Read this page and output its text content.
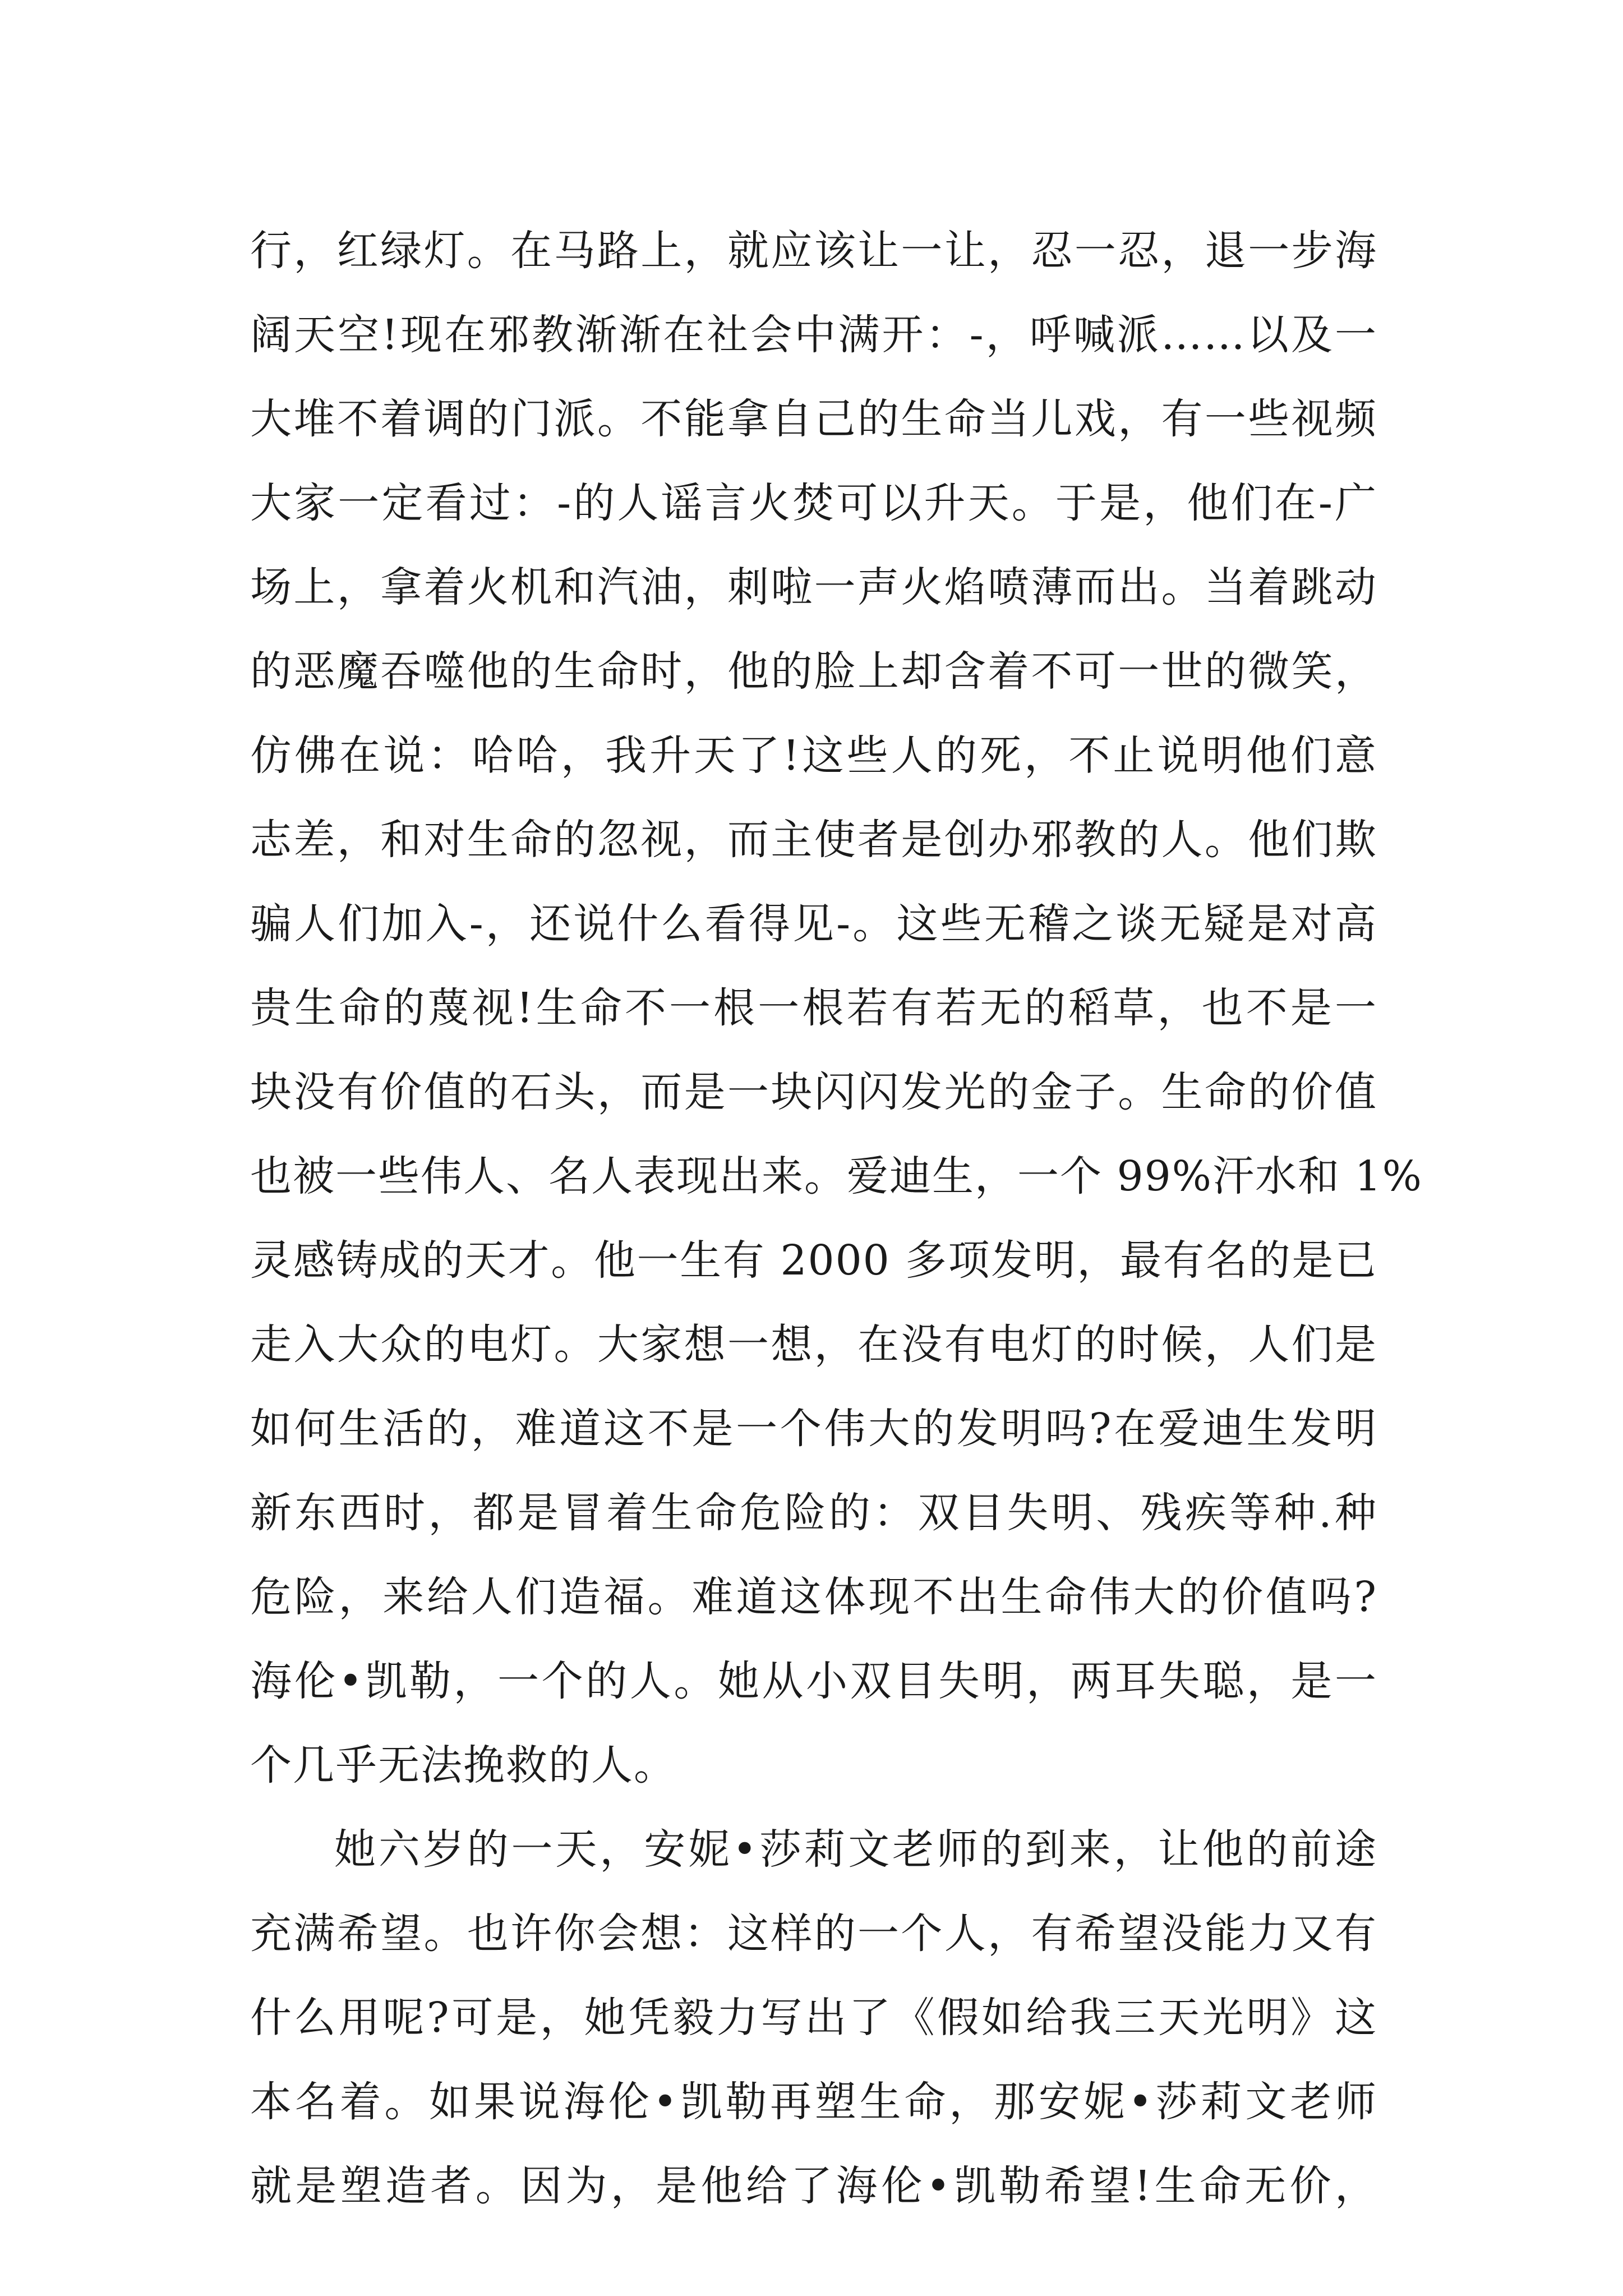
行，红绿灯。在马路上，就应该让一让，忍一忍，退一步海
阔天空!现在邪教渐渐在社会中满开：-，呼喊派……以及一
大堆不着调的门派。不能拿自己的生命当儿戏，有一些视频
大家一定看过：-的人谣言火焚可以升天。于是，他们在-广
场上，拿着火机和汽油，刺啦一声火焰喷薄而出。当着跳动
的恶魔吞噬他的生命时，他的脸上却含着不可一世的微笑，
仿佛在说：哈哈，我升天了!这些人的死，不止说明他们意
志差，和对生命的忽视，而主使者是创办邪教的人。他们欺
骗人们加入-，还说什么看得见-。这些无稽之谈无疑是对高
贵生命的蔑视!生命不一根一根若有若无的稻草，也不是一
块没有价值的石头，而是一块闪闪发光的金子。生命的价值
也被一些伟人、名人表现出来。爱迪生，一个 99%汗水和 1%
灵感铸成的天才。他一生有 2000 多项发明，最有名的是已
走入大众的电灯。大家想一想，在没有电灯的时候，人们是
如何生活的，难道这不是一个伟大的发明吗?在爱迪生发明
新东西时，都是冒着生命危险的：双目失明、残疾等种.种
危险，来给人们造福。难道这体现不出生命伟大的价值吗?
海伦•凯勒，一个的人。她从小双目失明，两耳失聪，是一
个几乎无法挽救的人。
她六岁的一天，安妮•莎莉文老师的到来，让他的前途
充满希望。也许你会想：这样的一个人，有希望没能力又有
什么用呢?可是，她凭毅力写出了《假如给我三天光明》这
本名着。如果说海伦•凯勒再塑生命，那安妮•莎莉文老师
就是塑造者。因为，是他给了海伦•凯勒希望!生命无价，
